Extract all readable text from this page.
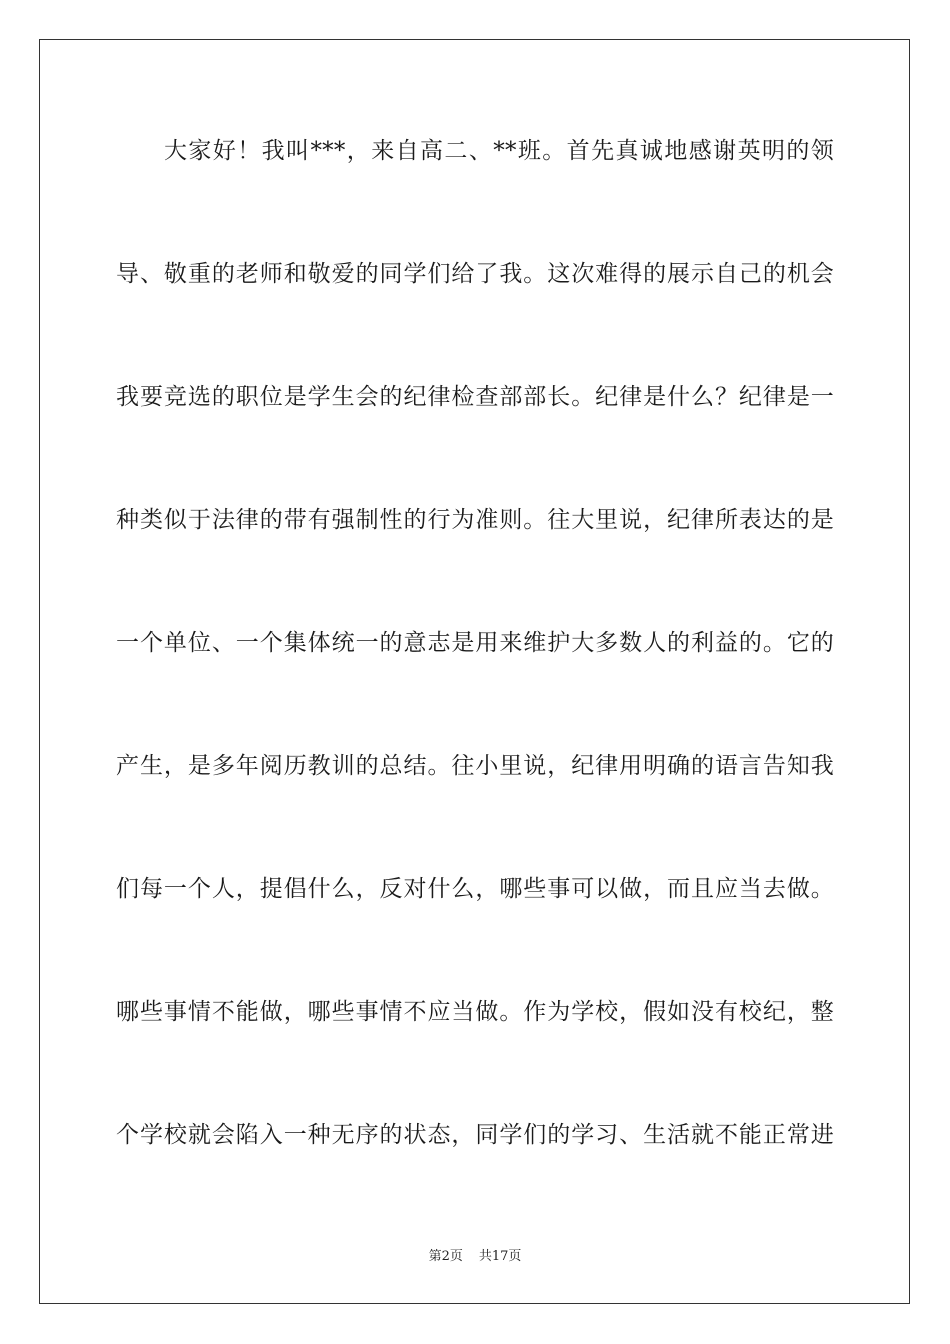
大家好！我叫***，来自高二、**班。首先真诚地感谢英明的领
导、敬重的老师和敬爱的同学们给了我。这次难得的展示自己的机会
我要竞选的职位是学生会的纪律检查部部长。纪律是什么？纪律是一
种类似于法律的带有强制性的行为准则。往大里说，纪律所表达的是
一个单位、一个集体统一的意志是用来维护大多数人的利益的。它的
产生，是多年阅历教训的总结。往小里说，纪律用明确的语言告知我
们每一个人，提倡什么，反对什么，哪些事可以做，而且应当去做。
哪些事情不能做，哪些事情不应当做。作为学校，假如没有校纪，整
个学校就会陷入一种无序的状态，同学们的学习、生活就不能正常进
第2页 共17页
